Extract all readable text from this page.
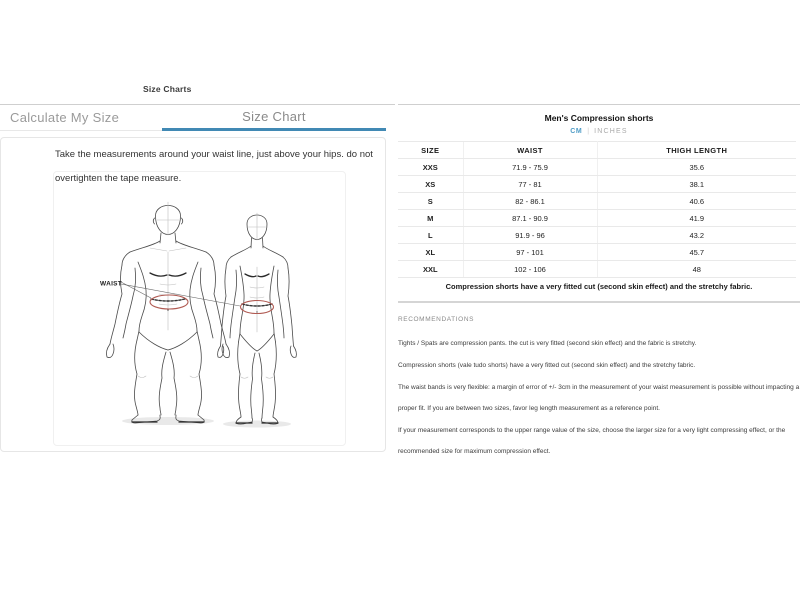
Size Charts
Calculate My Size	Size Chart

Take the measurements around your waist line, just above your hips. do not overtighten the tape measure.

WAIST
Men's Compression shorts
CM | INCHES
SIZE	WAIST	THIGH LENGTH
XXS	71.9 - 75.9	35.6
XS	77 - 81	38.1
S	82 - 86.1	40.6
M	87.1 - 90.9	41.9
L	91.9 - 96	43.2
XL	97 - 101	45.7
XXL	102 - 106	48

Compression shorts have a very fitted cut (second skin effect) and the stretchy fabric.

RECOMMENDATIONS

Tights / Spats are compression pants. the cut is very fitted (second skin effect) and the fabric is stretchy.

Compression shorts (vale tudo shorts) have a very fitted cut (second skin effect) and the stretchy fabric.

The waist bands is very flexible: a margin of error of +/- 3cm in the measurement of your waist measurement is possible without impacting a proper fit. If you are between two sizes, favor leg length measurement as a reference point.

If your measurement corresponds to the upper range value of the size, choose the larger size for a very light compressing effect, or the recommended size for maximum compression effect.
